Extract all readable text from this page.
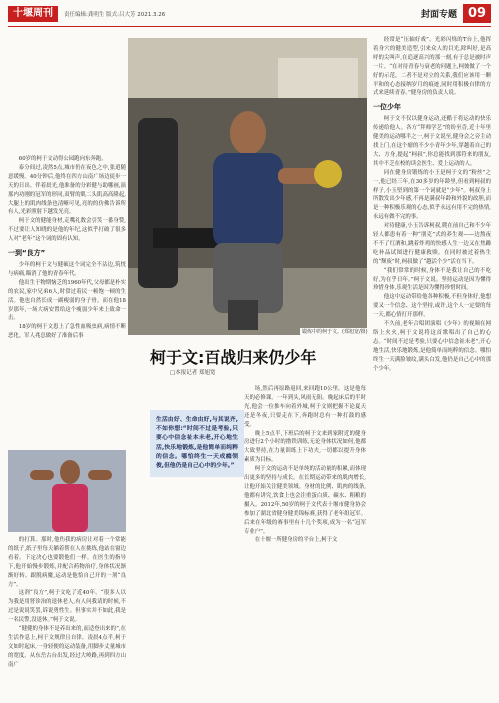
十堰周刊	责任编辑:龚明生 版式:吕大芳 2021.3.26	封面专题 09
锻炼中的柯于文。(郑旭宽/摄)
柯于文:百战归来仍少年
□本报记者 郑旭宽

60岁的柯于文动得公园跑向东奔跑。

泰分间过,凌然5点,城市仍在夜色之中,张逍随意缓慢。40分钟后,他终在四方山南广场边徒步一天的日出。伴着晨光,他准备的分彩健与助哪画,演那内功刚的冠军的形同,双臂的肌二头肌高高隆起,大腿上的肌肉线条也清晰可见,亮的的仿佛告诉所有人,光彩照射下越发光亮。

柯于文的健能身材,走嘴礼数会引笑一番身赞,不过要让人知晓的是他的年纪,这似乎打破了很多人对“老年”这个词的固有认知。

一到“良方”

少年的柯于文与健硕这个词完全不沾边,筑恍与病痛,瞄消了他的青春年代。

他出生于物期恼乏的1960年代,父母都是朴实的农民,家中兄弟6人,时常过着民一顿饱一顿的生活。他也自然长成一副瘦弱的身子骨。而在他18岁那年,一场大病安置给这个瘦弱少年来上致命一击。

18岁的柯于文患上了急性血吸虫病,病情不断恶化。军人兆总做好了准备后事

的打算。那时,他伤我的病房让对着一个常能的纸子,纸子里每天躺着帮在人在挑练,他站在窗边看着。下定决心也要锻他们一样。在医生的指导下,他开始慢步锻炼,并配合药物治疗,身体状况渐渐好转。跟脱病魔,运动是他恰自己开的一剂“良方”。

这剂“良方”,柯于文吃了近40年。“很多人以为我是用肾诊治的退休老人,有人问我请的时候,不过是说说笑罢,诉说勇性生。但事实并不如此,我是一名民警,没退休。”柯于文说。

“健健的身体不是养出来的,而适登出来的”,在生活作息上,柯于文规律且自律。凌晨4点半,柯于文如时起床,一身轻便的运动装备,用脚步丈量城市的宽度。从东岳古台出发,经过大岭路,再到四方山南广

生活由好、生命由好,与其说齐,不如你想:“时间不过是考验,只要心中信念祉本未老,开心地生活,快乐地锻炼,是他简单而纯粹的信念。哪怕终生一天成瘾领俊,但他仍是自己心中的少年。”

场,然后再原路返回,来回跑10公里。这是他每天的必修课。一年到头,风雨无阻。晚起床后的半时光,他会一位推车向着外城,柯于文则把握不论夏天还是冬夜,只要走在下,奔跑时总有一种打鼓的感受。

晚上5点半,下班后的柯于文来到家附近的健身房进行2个小时的撸铁训练,无论身体状况如何,他都大致坚持,在力量训练上下功夫,一切都以提升身体素质为目标。

柯于文的运动不是单纯的活动量的积累,而体现出更多的坚持与成长。在长期运动带来的肌肉增长,让他开始关注健美领域。身材的比例、肌肉的线条,他都有讲究,饮食上也会注重蛋白质、碳水、粗粮的摄入。2012年,50岁的柯于文代表十堰市健身协会参加了湖北省健身健美锦标赛,获得了老年组冠军。后来在年级的赛事里有十几个奖项,成为一名“冠军专业户”。

在十堰一所健身房的平台上,柯于文

经常是“压轴好戏”。光彩闪烁的T台上,他挥着身穴的健美造型,引来众人的目光,除叫好,是高呼的尖叫声,在追逐高兴的那一刻,有于总是被时声一片。“在对待青春与衰老的问题上,柯彼做了一个好的示范。二者不是对立的关系,我们应该用一颗平和的心态接纳岁月的痕迹,同时用积极自律的方式来延续青春。”健身房的负责人说。

一位少年

柯于文不仅以健身运动,还酷于将运动的快乐传递给他人。各方“拜师学艺”的纷至沓,近十年里健美的运动哪半之一,柯于文说至,健身会之旁主动找上门,在这个瘤的不少小青年少年,穿越着自己的大、方身,提起“柯叔”,你总能找到那符来的朋友,其中不乏在校的读会医生、爱上运动的人。

同在健身房锻炼的小王是柯于文的“粉丝”之一,他已经三年,在30多岁的年龄里,但看到柯叔的样子,小玉堅到的第一个词就是“少年”。柯叔身上所散发出少年感,不再是满叔年龄和外貌的改胆,而是一种积极乐观的心态,似乎永远有用不完的热情,永远有做不完的事。

对待健康,小玉告诉柯叔,爬在前自己和不少年轻人都患有着一种“朋克”式的养生观——边熬夜不不了红酒和,跳着炸鸡的快感人生一边又在焦躁吃补品试图进行健康救赎。在同时被过着热生的“颓废”时,柯叔做了“越活个少”活在当下。

“我们常常的时候,身体不是我让自己的不吃好,为在乎日年。”柯于文说。坚持运动是因为懂得珍惜身体,乐观生活是因为懂得珍惜时间。

他这中运动带给他各种积极,不但身体好,他想要又一个信念、这个坚持,或许,这个人一定要的每一天,都心情打开那样。

不久前,老年合唱团演唱《少年》的视频在网络上火火,柯于文说将这首歌唱出了自己的心志。“时间不过是考验,只要心中信念祉未老”,开心地生活,快乐地锻炼,是他简单而纯粹的信念。哪怕终生一天满脸皱纹,满头白发,他仍是自己心中的那个少年。
